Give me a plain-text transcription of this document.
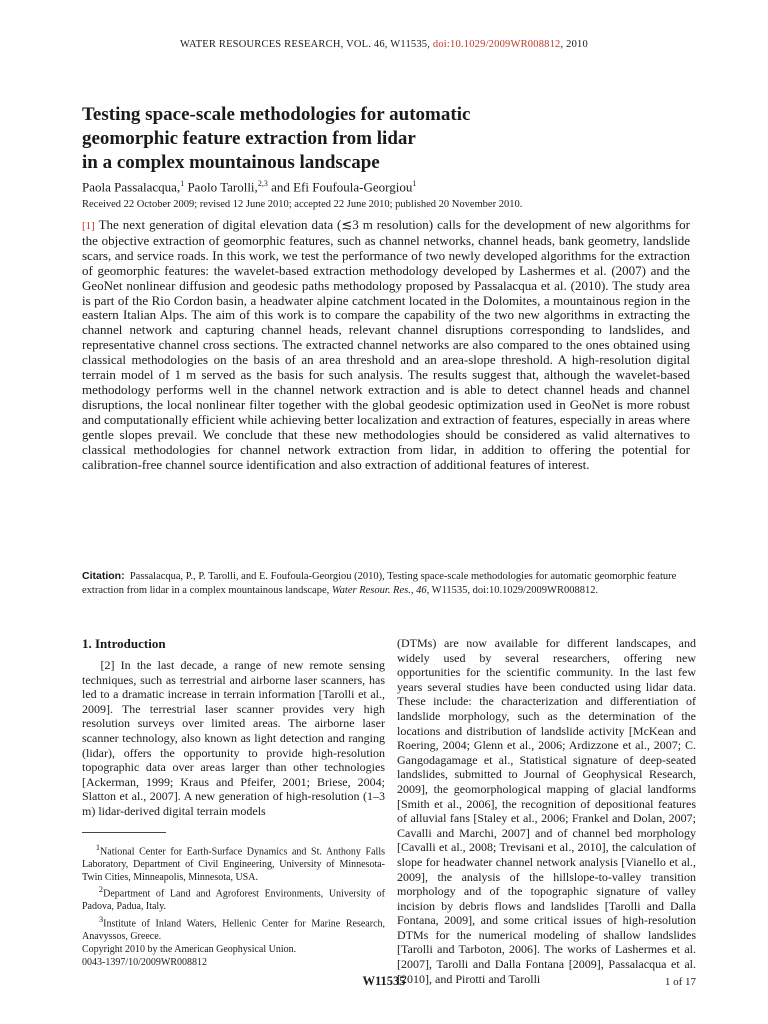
WATER RESOURCES RESEARCH, VOL. 46, W11535, doi:10.1029/2009WR008812, 2010
Testing space-scale methodologies for automatic
geomorphic feature extraction from lidar
in a complex mountainous landscape
Paola Passalacqua,$^1$ Paolo Tarolli,$^{2,3}$ and Efi Foufoula-Georgiou$^1$
Received 22 October 2009; revised 12 June 2010; accepted 22 June 2010; published 20 November 2010.
[1] The next generation of digital elevation data (≲3 m resolution) calls for the development of new algorithms for the objective extraction of geomorphic features, such as channel networks, channel heads, bank geometry, landslide scars, and service roads. In this work, we test the performance of two newly developed algorithms for the extraction of geomorphic features: the wavelet-based extraction methodology developed by Lashermes et al. (2007) and the GeoNet nonlinear diffusion and geodesic paths methodology proposed by Passalacqua et al. (2010). The study area is part of the Rio Cordon basin, a headwater alpine catchment located in the Dolomites, a mountainous region in the eastern Italian Alps. The aim of this work is to compare the capability of the two new algorithms in extracting the channel network and capturing channel heads, relevant channel disruptions corresponding to landslides, and representative channel cross sections. The extracted channel networks are also compared to the ones obtained using classical methodologies on the basis of an area threshold and an area-slope threshold. A high-resolution digital terrain model of 1 m served as the basis for such analysis. The results suggest that, although the wavelet-based methodology performs well in the channel network extraction and is able to detect channel heads and channel disruptions, the local nonlinear filter together with the global geodesic optimization used in GeoNet is more robust and computationally efficient while achieving better localization and extraction of features, especially in areas where gentle slopes prevail. We conclude that these new methodologies should be considered as valid alternatives to classical methodologies for channel network extraction from lidar, in addition to offering the potential for calibration-free channel source identification and also extraction of additional features of interest.
Citation: Passalacqua, P., P. Tarolli, and E. Foufoula-Georgiou (2010), Testing space-scale methodologies for automatic geomorphic feature extraction from lidar in a complex mountainous landscape, Water Resour. Res., 46, W11535, doi:10.1029/2009WR008812.
1. Introduction

[2] In the last decade, a range of new remote sensing techniques, such as terrestrial and airborne laser scanners, has led to a dramatic increase in terrain information [Tarolli et al., 2009]. The terrestrial laser scanner provides very high resolution surveys over limited areas. The airborne laser scanner technology, also known as light detection and ranging (lidar), offers the opportunity to provide high-resolution topographic data over areas larger than other technologies [Ackerman, 1999; Kraus and Pfeifer, 2001; Briese, 2004; Slatton et al., 2007]. A new generation of high-resolution (1–3 m) lidar-derived digital terrain models

$^1$National Center for Earth-Surface Dynamics and St. Anthony Falls Laboratory, Department of Civil Engineering, University of Minnesota-Twin Cities, Minneapolis, Minnesota, USA.
$^2$Department of Land and Agroforest Environments, University of Padova, Padua, Italy.
$^3$Institute of Inland Waters, Hellenic Center for Marine Research, Anavyssos, Greece.
Copyright 2010 by the American Geophysical Union.
0043-1397/10/2009WR008812

(DTMs) are now available for different landscapes, and widely used by several researchers, offering new opportunities for the scientific community. In the last few years several studies have been conducted using lidar data. These include: the characterization and differentiation of landslide morphology, such as the determination of the locations and distribution of landslide activity [McKean and Roering, 2004; Glenn et al., 2006; Ardizzone et al., 2007; C. Gangodagamage et al., Statistical signature of deep-seated landslides, submitted to Journal of Geophysical Research, 2009], the geomorphological mapping of glacial landforms [Smith et al., 2006], the recognition of depositional features of alluvial fans [Staley et al., 2006; Frankel and Dolan, 2007; Cavalli and Marchi, 2007] and of channel bed morphology [Cavalli et al., 2008; Trevisani et al., 2010], the calculation of slope for headwater channel network analysis [Vianello et al., 2009], the analysis of the hillslope-to-valley transition morphology and of the topographic signature of valley incision by debris flows and landslides [Tarolli and Dalla Fontana, 2009], and some critical issues of high-resolution DTMs for the numerical modeling of shallow landslides [Tarolli and Tarboton, 2006]. The works of Lashermes et al. [2007], Tarolli and Dalla Fontana [2009], Passalacqua et al. [2010], and Pirotti and Tarolli

W11535	1 of 17
